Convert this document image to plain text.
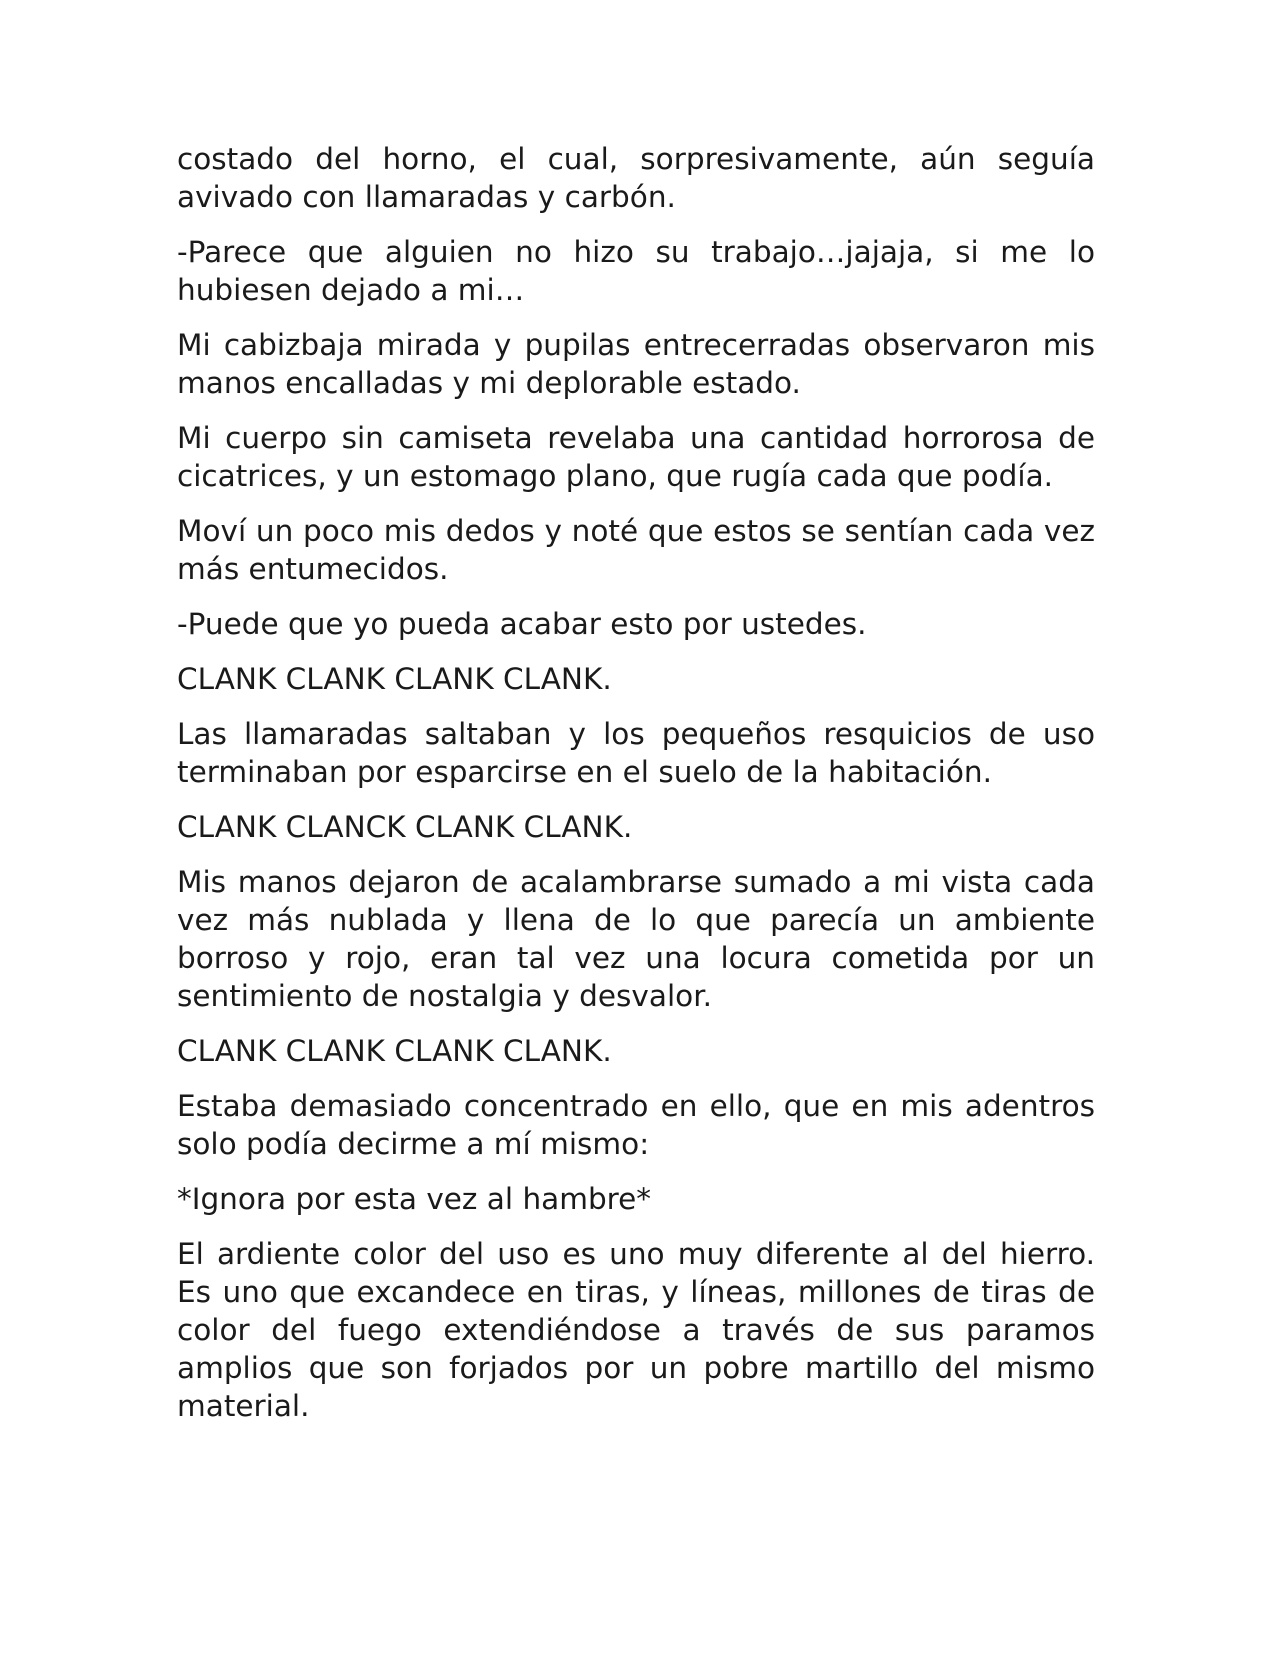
costado del horno, el cual, sorpresivamente, aún seguía avivado con llamaradas y carbón.

-Parece que alguien no hizo su trabajo…jajaja, si me lo hubiesen dejado a mi…

Mi cabizbaja mirada y pupilas entrecerradas observaron mis manos encalladas y mi deplorable estado.

Mi cuerpo sin camiseta revelaba una cantidad horrorosa de cicatrices, y un estomago plano, que rugía cada que podía.

Moví un poco mis dedos y noté que estos se sentían cada vez más entumecidos.

-Puede que yo pueda acabar esto por ustedes.

CLANK CLANK CLANK CLANK.

Las llamaradas saltaban y los pequeños resquicios de uso terminaban por esparcirse en el suelo de la habitación.

CLANK CLANCK CLANK CLANK.

Mis manos dejaron de acalambrarse sumado a mi vista cada vez más nublada y llena de lo que parecía un ambiente borroso y rojo, eran tal vez una locura cometida por un sentimiento de nostalgia y desvalor.

CLANK CLANK CLANK CLANK.

Estaba demasiado concentrado en ello, que en mis adentros solo podía decirme a mí mismo:

*Ignora por esta vez al hambre*

El ardiente color del uso es uno muy diferente al del hierro. Es uno que excandece en tiras, y líneas, millones de tiras de color del fuego extendiéndose a través de sus paramos amplios que son forjados por un pobre martillo del mismo material.
